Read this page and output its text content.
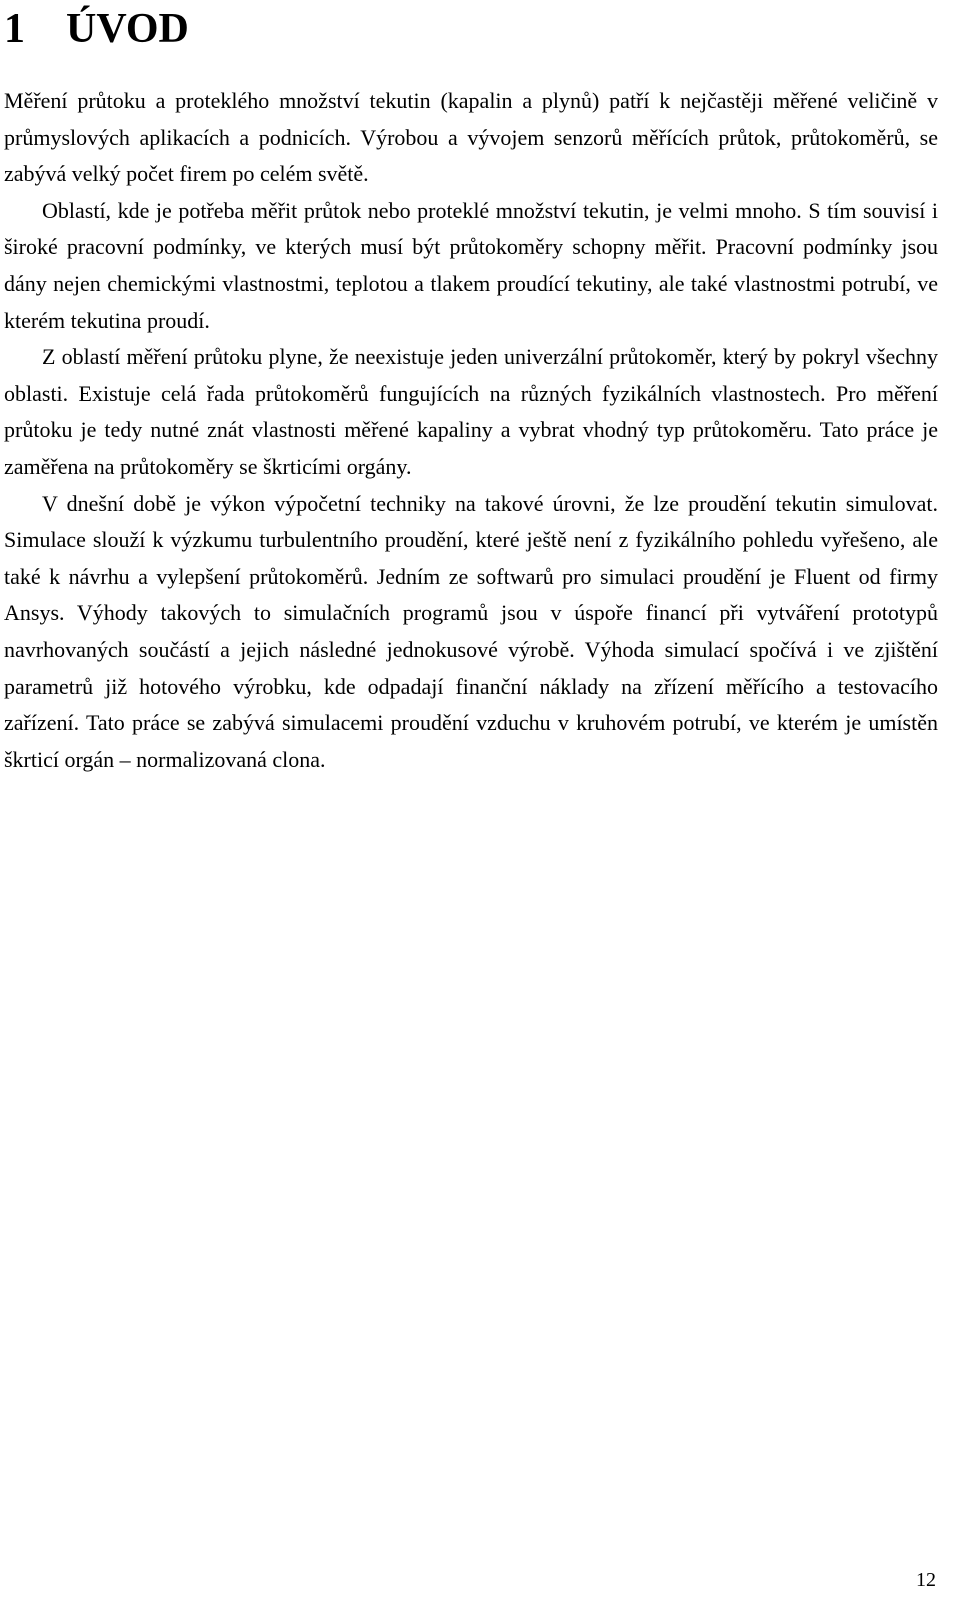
1 ÚVOD

Měření průtoku a proteklého množství tekutin (kapalin a plynů) patří k nejčastěji měřené veličině v průmyslových aplikacích a podnicích. Výrobou a vývojem senzorů měřících průtok, průtokoměrů, se zabývá velký počet firem po celém světě.

Oblastí, kde je potřeba měřit průtok nebo proteklé množství tekutin, je velmi mnoho. S tím souvisí i široké pracovní podmínky, ve kterých musí být průtokoměry schopny měřit. Pracovní podmínky jsou dány nejen chemickými vlastnostmi, teplotou a tlakem proudící tekutiny, ale také vlastnostmi potrubí, ve kterém tekutina proudí.

Z oblastí měření průtoku plyne, že neexistuje jeden univerzální průtokoměr, který by pokryl všechny oblasti. Existuje celá řada průtokoměrů fungujících na různých fyzikálních vlastnostech. Pro měření průtoku je tedy nutné znát vlastnosti měřené kapaliny a vybrat vhodný typ průtokoměru. Tato práce je zaměřena na průtokoměry se škrticími orgány.

V dnešní době je výkon výpočetní techniky na takové úrovni, že lze proudění tekutin simulovat. Simulace slouží k výzkumu turbulentního proudění, které ještě není z fyzikálního pohledu vyřešeno, ale také k návrhu a vylepšení průtokoměrů. Jedním ze softwarů pro simulaci proudění je Fluent od firmy Ansys. Výhody takových to simulačních programů jsou v úspoře financí při vytváření prototypů navrhovaných součástí a jejich následné jednokusové výrobě. Výhoda simulací spočívá i ve zjištění parametrů již hotového výrobku, kde odpadají finanční náklady na zřízení měřícího a testovacího zařízení. Tato práce se zabývá simulacemi proudění vzduchu v kruhovém potrubí, ve kterém je umístěn škrticí orgán – normalizovaná clona.

12
